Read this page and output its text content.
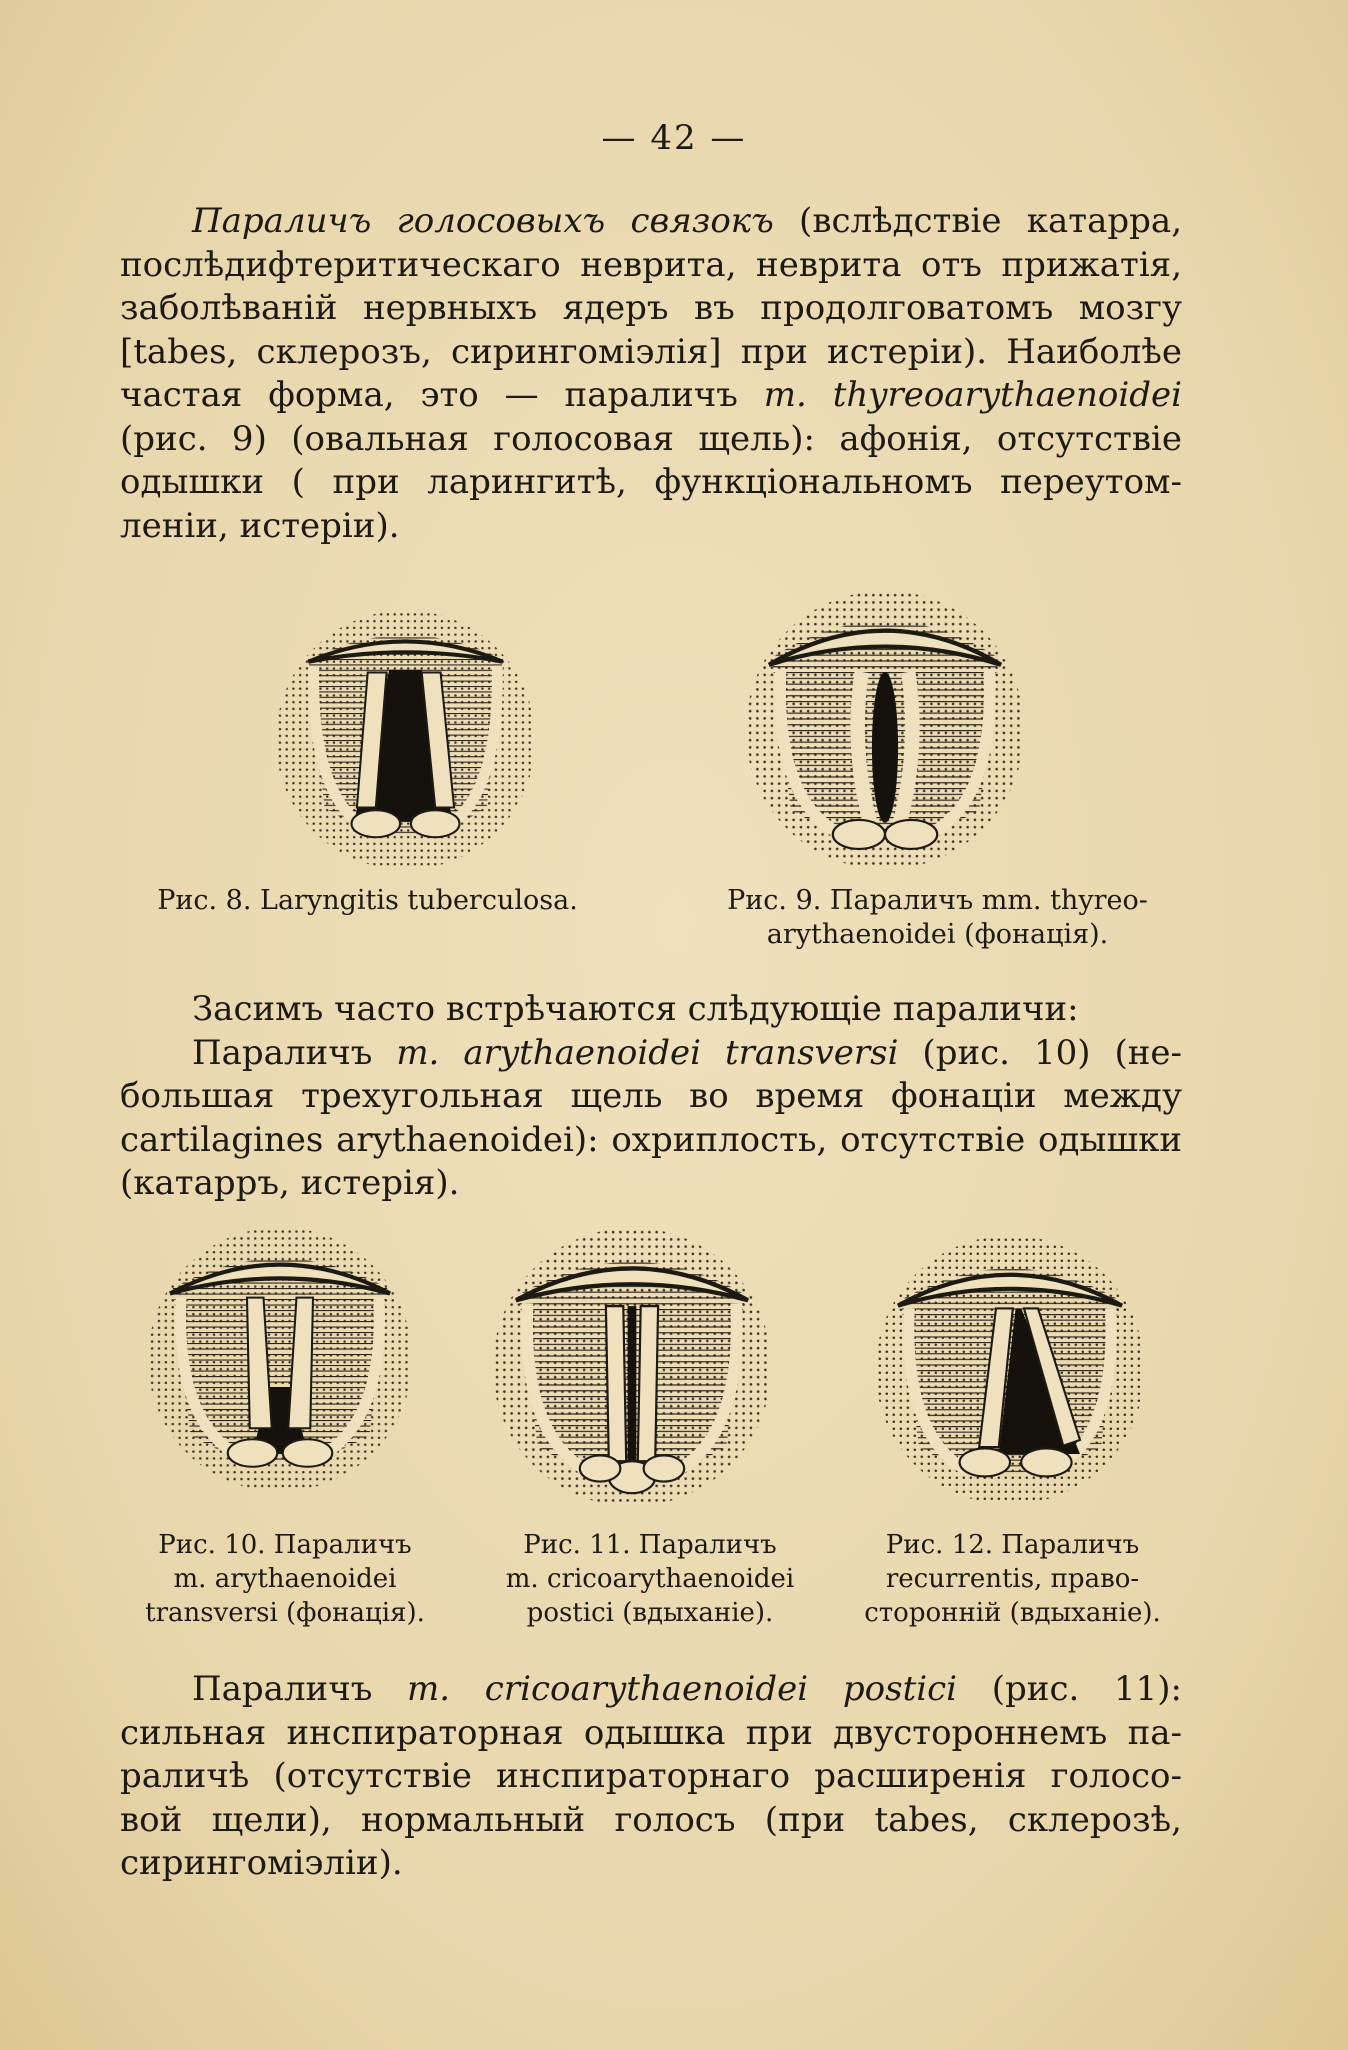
— 42 —
Параличъ голосовыхъ связокъ (вслѣдствіе катарра,
послѣдифтеритическаго неврита, неврита отъ прижатія,
заболѣваній нервныхъ ядеръ въ продолговатомъ мозгу
[tabes, склерозъ, сирингоміэлія] при истеріи). Наиболѣе
частая форма, это — параличъ m. thyreoarythaenoidei
(рис. 9) (овальная голосовая щель): афонія, отсутствіе
одышки ( при ларингитѣ, функціональномъ переутом-
леніи, истеріи).
Рис. 8. Laryngitis tuberculosa.	Рис. 9. Параличъ mm. thyreo-
arythaenoidei (фонація).
Засимъ часто встрѣчаются слѣдующіе параличи:
Параличъ m. arythaenoidei transversi (рис. 10) (не-
большая трехугольная щель во время фонаціи между
cartilagines arythaenoidei): охриплость, отсутствіе одышки
(катарръ, истерія).
Рис. 10. Параличъ
m. arythaenoidei
transversi (фонація).
Рис. 11. Параличъ
m. cricoarythaenoidei
postici (вдыханіе).
Рис. 12. Параличъ
recurrentis, право-
сторонній (вдыханіе).
Параличъ m. cricoarythaenoidei postici (рис. 11):
сильная инспираторная одышка при двустороннемъ па-
раличѣ (отсутствіе инспираторнаго расширенія голосо-
вой щели), нормальный голосъ (при tabes, склерозѣ,
сирингоміэліи).
